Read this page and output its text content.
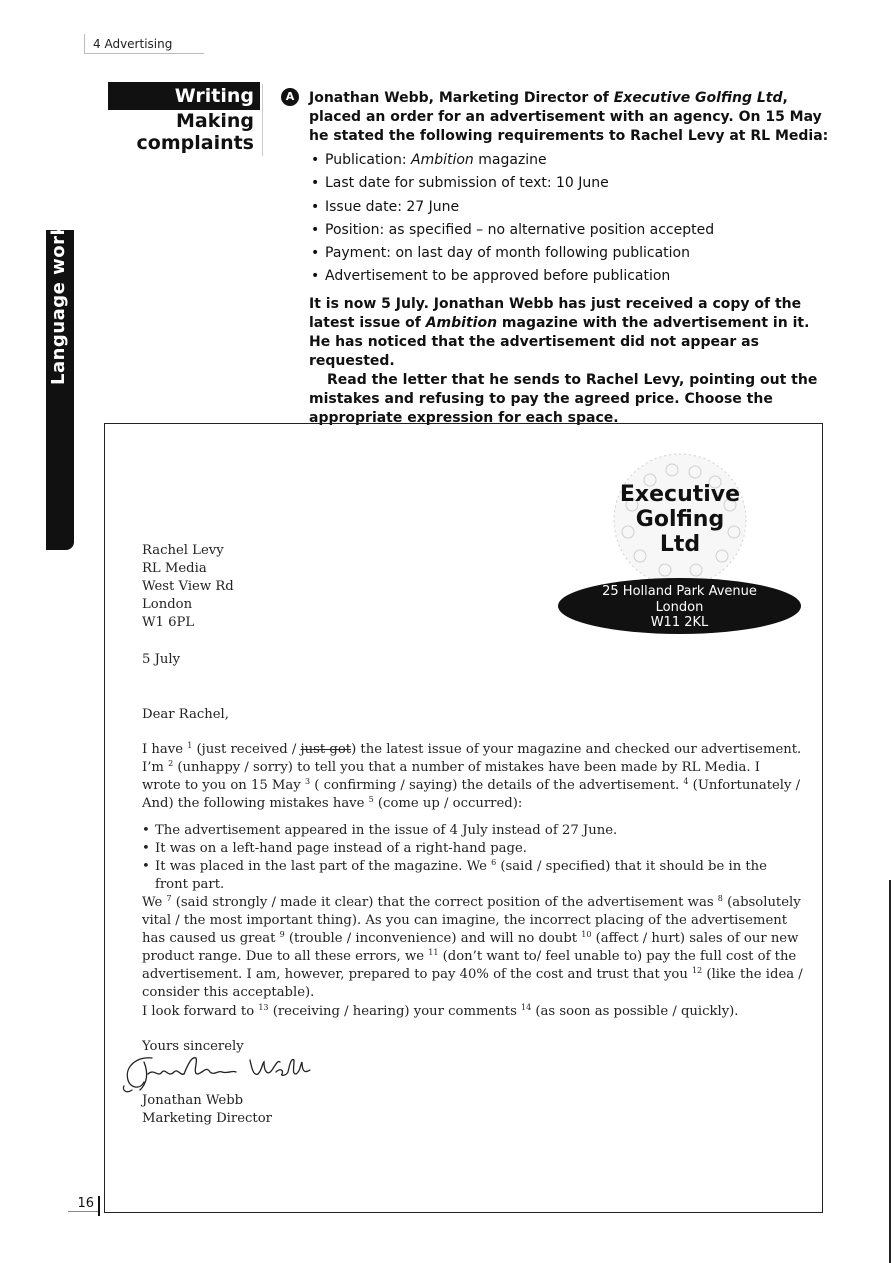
4 Advertising
Language work
Writing
Making
complaints
A	Jonathan Webb, Marketing Director of Executive Golfing Ltd, placed an order for an advertisement with an agency. On 15 May he stated the following requirements to Rachel Levy at RL Media:
• Publication: Ambition magazine
• Last date for submission of text: 10 June
• Issue date: 27 June
• Position: as specified – no alternative position accepted
• Payment: on last day of month following publication
• Advertisement to be approved before publication
It is now 5 July. Jonathan Webb has just received a copy of the latest issue of Ambition magazine with the advertisement in it. He has noticed that the advertisement did not appear as requested.
Read the letter that he sends to Rachel Levy, pointing out the mistakes and refusing to pay the agreed price. Choose the appropriate expression for each space.
Executive
Golfing
Ltd
25 Holland Park Avenue
London
W11 2KL
Rachel Levy
RL Media
West View Rd
London
W1 6PL
5 July
Dear Rachel,
I have $^1$ (just received / just got) the latest issue of your magazine and checked our advertisement. I’m $^2$ (unhappy / sorry) to tell you that a number of mistakes have been made by RL Media. I wrote to you on 15 May $^3$ ( confirming / saying) the details of the advertisement. $^4$ (Unfortunately / And) the following mistakes have $^5$ (come up / occurred):
• The advertisement appeared in the issue of 4 July instead of 27 June.
• It was on a left-hand page instead of a right-hand page.
• It was placed in the last part of the magazine. We $^6$ (said / specified) that it should be in the front part.
We $^7$ (said strongly / made it clear) that the correct position of the advertisement was $^8$ (absolutely vital / the most important thing). As you can imagine, the incorrect placing of the advertisement has caused us great $^9$ (trouble / inconvenience) and will no doubt $^{10}$ (affect / hurt) sales of our new product range. Due to all these errors, we $^{11}$ (don’t want to/ feel unable to) pay the full cost of the advertisement. I am, however, prepared to pay 40% of the cost and trust that you $^{12}$ (like the idea / consider this acceptable).
I look forward to $^{13}$ (receiving / hearing) your comments $^{14}$ (as soon as possible / quickly).
Yours sincerely
Jonathan Webb
Marketing Director
16
